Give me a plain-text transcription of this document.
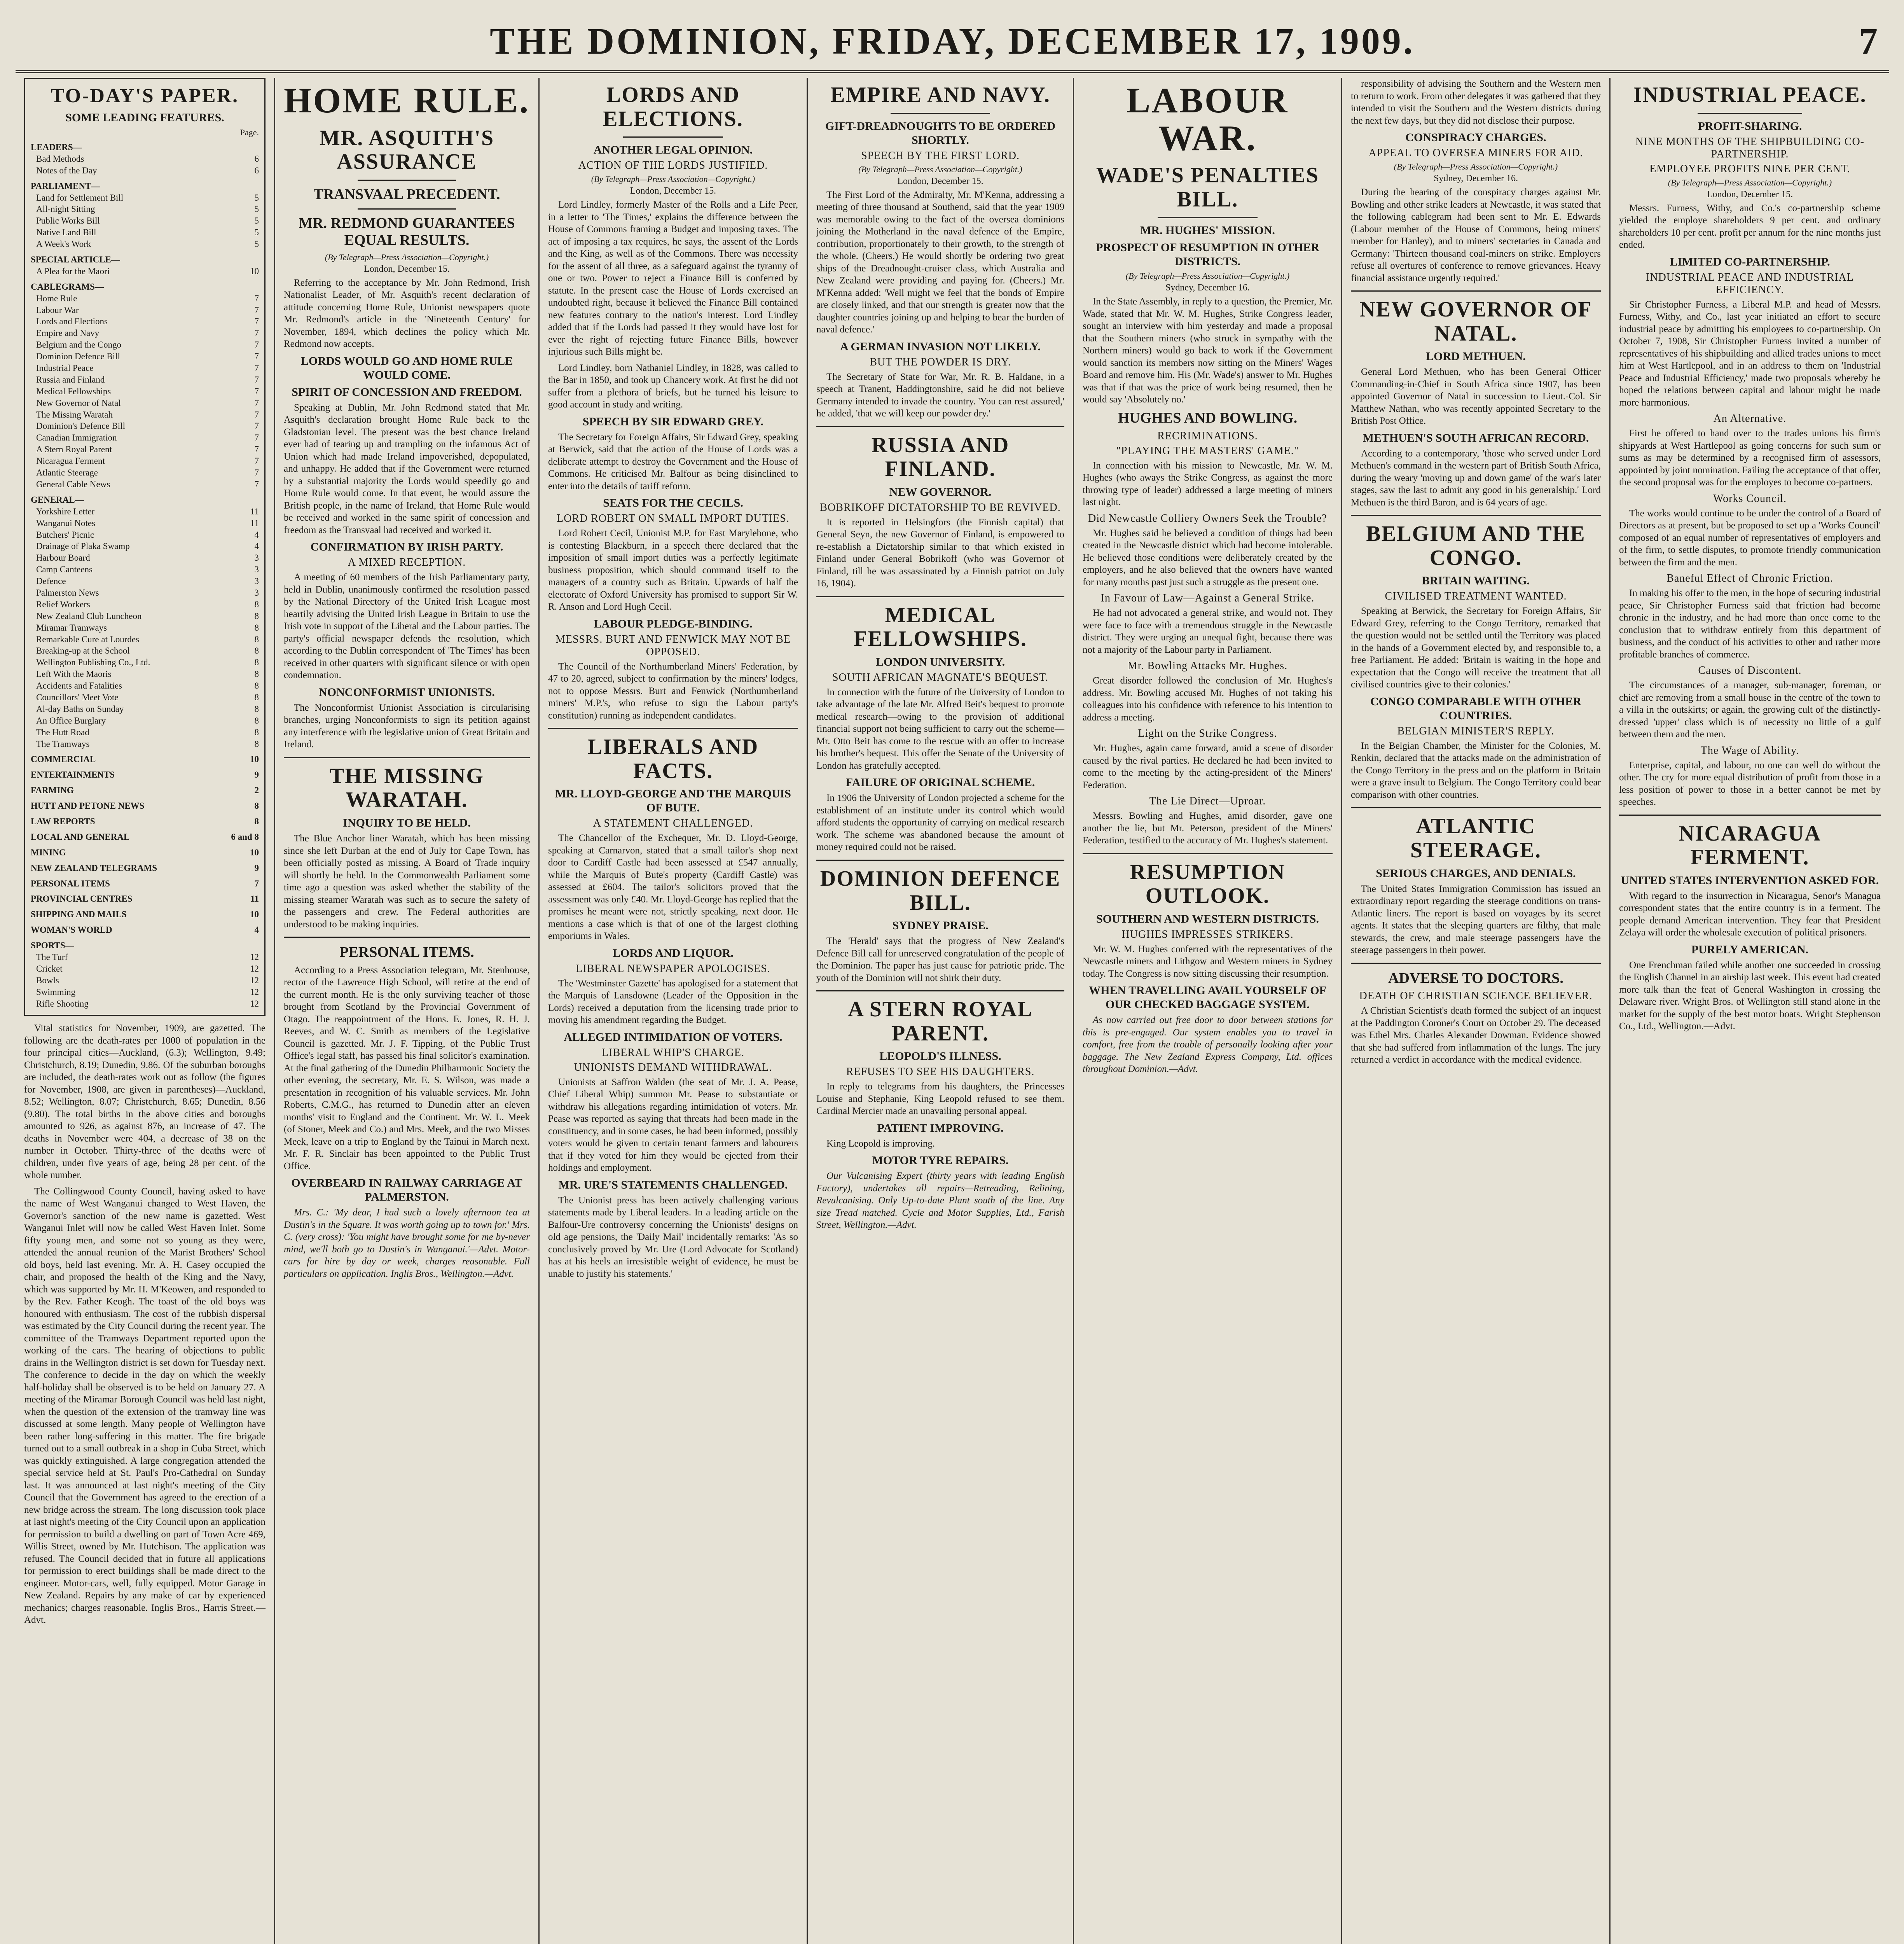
THE DOMINION, FRIDAY, DECEMBER 17, 1909.	7
TO-DAY'S PAPER.
SOME LEADING FEATURES.
Page.
LEADERS—
Bad Methods	6
Notes of the Day	6
PARLIAMENT—
Land for Settlement Bill	5
All-night Sitting	5
Public Works Bill	5
Native Land Bill	5
A Week's Work	5
SPECIAL ARTICLE—
A Plea for the Maori	10
CABLEGRAMS—
Home Rule	7
Labour War	7
Lords and Elections	7
Empire and Navy	7
Belgium and the Congo	7
Dominion Defence Bill	7
Industrial Peace	7
Russia and Finland	7
Medical Fellowships	7
New Governor of Natal	7
The Missing Waratah	7
Dominion's Defence Bill	7
Canadian Immigration	7
A Stern Royal Parent	7
Nicaragua Ferment	7
Atlantic Steerage	7
General Cable News	7
GENERAL—
Yorkshire Letter	11
Wanganui Notes	11
Butchers' Picnic	4
Drainage of Plaka Swamp	4
Harbour Board	3
Camp Canteens	3
Defence	3
Palmerston News	3
Relief Workers	8
New Zealand Club Luncheon	8
Miramar Tramways	8
Remarkable Cure at Lourdes	8
Breaking-up at the School	8
Wellington Publishing Co., Ltd.	8
Left With the Maoris	8
Accidents and Fatalities	8
Councillors' Meet Vote	8
Al-day Baths on Sunday	8
An Office Burglary	8
The Hutt Road	8
The Tramways	8
COMMERCIAL	10
ENTERTAINMENTS	9
FARMING	2
HUTT AND PETONE NEWS	8
LAW REPORTS	8
LOCAL AND GENERAL	6 and 8
MINING	10
NEW ZEALAND TELEGRAMS	9
PERSONAL ITEMS	7
PROVINCIAL CENTRES	11
SHIPPING AND MAILS	10
WOMAN'S WORLD	4
SPORTS—
The Turf	12
Cricket	12
Bowls	12
Swimming	12
Rifle Shooting	12

Vital statistics for November, 1909, are gazetted. The following are the death-rates per 1000 of population in the four principal cities—Auckland, (6.3); Wellington, 9.49; Christchurch, 8.19; Dunedin, 9.86. Of the suburban boroughs are included, the death-rates work out as follow (the figures for November, 1908, are given in parentheses)—Auckland, 8.52; Wellington, 8.07; Christchurch, 8.65; Dunedin, 8.56 (9.80). The total births in the above cities and boroughs amounted to 926, as against 876, an increase of 47. The deaths in November were 404, a decrease of 38 on the number in October. Thirty-three of the deaths were of children, under five years of age, being 28 per cent. of the whole number.

The Collingwood County Council, having asked to have the name of West Wanganui changed to West Haven, the Governor's sanction of the new name is gazetted. West Wanganui Inlet will now be called West Haven Inlet. Some fifty young men, and some not so young as they were, attended the annual reunion of the Marist Brothers' School old boys, held last evening. Mr. A. H. Casey occupied the chair, and proposed the health of the King and the Navy, which was supported by Mr. H. M'Keowen, and responded to by the Rev. Father Keogh. The toast of the old boys was honoured with enthusiasm. The cost of the rubbish dispersal was estimated by the City Council during the recent year. The committee of the Tramways Department reported upon the working of the cars. The hearing of objections to public drains in the Wellington district is set down for Tuesday next. The conference to decide in the day on which the weekly half-holiday shall be observed is to be held on January 27. A meeting of the Miramar Borough Council was held last night, when the question of the extension of the tramway line was discussed at some length. Many people of Wellington have been rather long-suffering in this matter. The fire brigade turned out to a small outbreak in a shop in Cuba Street, which was quickly extinguished. A large congregation attended the special service held at St. Paul's Pro-Cathedral on Sunday last. It was announced at last night's meeting of the City Council that the Government has agreed to the erection of a new bridge across the stream. The long discussion took place at last night's meeting of the City Council upon an application for permission to build a dwelling on part of Town Acre 469, Willis Street, owned by Mr. Hutchison. The application was refused. The Council decided that in future all applications for permission to erect buildings shall be made direct to the engineer. Motor-cars, well, fully equipped. Motor Garage in New Zealand. Repairs by any make of car by experienced mechanics; charges reasonable. Inglis Bros., Harris Street.—Advt.

HOME RULE.
MR. ASQUITH'S ASSURANCE
TRANSVAAL PRECEDENT.
MR. REDMOND GUARANTEES EQUAL RESULTS.
(By Telegraph—Press Association—Copyright.)
London, December 15.

Referring to the acceptance by Mr. John Redmond, Irish Nationalist Leader, of Mr. Asquith's recent declaration of attitude concerning Home Rule, Unionist newspapers quote Mr. Redmond's article in the 'Nineteenth Century' for November, 1894, which declines the policy which Mr. Redmond now accepts.

LORDS WOULD GO AND HOME RULE WOULD COME.
SPIRIT OF CONCESSION AND FREEDOM.

Speaking at Dublin, Mr. John Redmond stated that Mr. Asquith's declaration brought Home Rule back to the Gladstonian level. The present was the best chance Ireland ever had of tearing up and trampling on the infamous Act of Union which had made Ireland impoverished, depopulated, and unhappy. He added that if the Government were returned by a substantial majority the Lords would speedily go and Home Rule would come. In that event, he would assure the British people, in the name of Ireland, that Home Rule would be received and worked in the same spirit of concession and freedom as the Transvaal had received and worked it.

CONFIRMATION BY IRISH PARTY.
A MIXED RECEPTION.

A meeting of 60 members of the Irish Parliamentary party, held in Dublin, unanimously confirmed the resolution passed by the National Directory of the United Irish League most heartily advising the United Irish League in Britain to use the Irish vote in support of the Liberal and the Labour parties. The party's official newspaper defends the resolution, which according to the Dublin correspondent of 'The Times' has been received in other quarters with significant silence or with open condemnation.

NONCONFORMIST UNIONISTS.

The Nonconformist Unionist Association is circularising branches, urging Nonconformists to sign its petition against any interference with the legislative union of Great Britain and Ireland.

THE MISSING WARATAH.
INQUIRY TO BE HELD.

The Blue Anchor liner Waratah, which has been missing since she left Durban at the end of July for Cape Town, has been officially posted as missing. A Board of Trade inquiry will shortly be held. In the Commonwealth Parliament some time ago a question was asked whether the stability of the missing steamer Waratah was such as to secure the safety of the passengers and crew. The Federal authorities are understood to be making inquiries.

PERSONAL ITEMS.

According to a Press Association telegram, Mr. Stenhouse, rector of the Lawrence High School, will retire at the end of the current month. He is the only surviving teacher of those brought from Scotland by the Provincial Government of Otago. The reappointment of the Hons. E. Jones, R. H. J. Reeves, and W. C. Smith as members of the Legislative Council is gazetted. Mr. J. F. Tipping, of the Public Trust Office's legal staff, has passed his final solicitor's examination. At the final gathering of the Dunedin Philharmonic Society the other evening, the secretary, Mr. E. S. Wilson, was made a presentation in recognition of his valuable services. Mr. John Roberts, C.M.G., has returned to Dunedin after an eleven months' visit to England and the Continent. Mr. W. L. Meek (of Stoner, Meek and Co.) and Mrs. Meek, and the two Misses Meek, leave on a trip to England by the Tainui in March next. Mr. F. R. Sinclair has been appointed to the Public Trust Office.

OVERBEARD IN RAILWAY CARRIAGE AT PALMERSTON.

Mrs. C.: 'My dear, I had such a lovely afternoon tea at Dustin's in the Square. It was worth going up to town for.' Mrs. C. (very cross): 'You might have brought some for me by-never mind, we'll both go to Dustin's in Wanganui.'—Advt. Motor-cars for hire by day or week, charges reasonable. Full particulars on application. Inglis Bros., Wellington.—Advt.

LORDS AND ELECTIONS.
ANOTHER LEGAL OPINION.
ACTION OF THE LORDS JUSTIFIED.
(By Telegraph—Press Association—Copyright.)
London, December 15.

Lord Lindley, formerly Master of the Rolls and a Life Peer, in a letter to 'The Times,' explains the difference between the House of Commons framing a Budget and imposing taxes. The act of imposing a tax requires, he says, the assent of the Lords and the King, as well as of the Commons. There was necessity for the assent of all three, as a safeguard against the tyranny of one or two. Power to reject a Finance Bill is conferred by statute. In the present case the House of Lords exercised an undoubted right, because it believed the Finance Bill contained new features contrary to the nation's interest. Lord Lindley added that if the Lords had passed it they would have lost for ever the right of rejecting future Finance Bills, however injurious such Bills might be.

Lord Lindley, born Nathaniel Lindley, in 1828, was called to the Bar in 1850, and took up Chancery work. At first he did not suffer from a plethora of briefs, but he turned his leisure to good account in study and writing.

SPEECH BY SIR EDWARD GREY.

The Secretary for Foreign Affairs, Sir Edward Grey, speaking at Berwick, said that the action of the House of Lords was a deliberate attempt to destroy the Government and the House of Commons. He criticised Mr. Balfour as being disinclined to enter into the details of tariff reform.

SEATS FOR THE CECILS.
LORD ROBERT ON SMALL IMPORT DUTIES.

Lord Robert Cecil, Unionist M.P. for East Marylebone, who is contesting Blackburn, in a speech there declared that the imposition of small import duties was a perfectly legitimate business proposition, which should command itself to the managers of a country such as Britain. Upwards of half the electorate of Oxford University has promised to support Sir W. R. Anson and Lord Hugh Cecil.

LABOUR PLEDGE-BINDING.
MESSRS. BURT AND FENWICK MAY NOT BE OPPOSED.

The Council of the Northumberland Miners' Federation, by 47 to 20, agreed, subject to confirmation by the miners' lodges, not to oppose Messrs. Burt and Fenwick (Northumberland miners' M.P.'s, who refuse to sign the Labour party's constitution) running as independent candidates.

LIBERALS AND FACTS.
MR. LLOYD-GEORGE AND THE MARQUIS OF BUTE.
A STATEMENT CHALLENGED.

The Chancellor of the Exchequer, Mr. D. Lloyd-George, speaking at Carnarvon, stated that a small tailor's shop next door to Cardiff Castle had been assessed at £547 annually, while the Marquis of Bute's property (Cardiff Castle) was assessed at £604. The tailor's solicitors proved that the assessment was only £40. Mr. Lloyd-George has replied that the promises he meant were not, strictly speaking, next door. He mentions a case which is that of one of the largest clothing emporiums in Wales.

LORDS AND LIQUOR.
LIBERAL NEWSPAPER APOLOGISES.

The 'Westminster Gazette' has apologised for a statement that the Marquis of Lansdowne (Leader of the Opposition in the Lords) received a deputation from the licensing trade prior to moving his amendment regarding the Budget.

ALLEGED INTIMIDATION OF VOTERS.
LIBERAL WHIP'S CHARGE.
UNIONISTS DEMAND WITHDRAWAL.

Unionists at Saffron Walden (the seat of Mr. J. A. Pease, Chief Liberal Whip) summon Mr. Pease to substantiate or withdraw his allegations regarding intimidation of voters. Mr. Pease was reported as saying that threats had been made in the constituency, and in some cases, he had been informed, possibly voters would be given to certain tenant farmers and labourers that if they voted for him they would be ejected from their holdings and employment.

MR. URE'S STATEMENTS CHALLENGED.

The Unionist press has been actively challenging various statements made by Liberal leaders. In a leading article on the Balfour-Ure controversy concerning the Unionists' designs on old age pensions, the 'Daily Mail' incidentally remarks: 'As so conclusively proved by Mr. Ure (Lord Advocate for Scotland) has at his heels an irresistible weight of evidence, he must be unable to justify his statements.'

EMPIRE AND NAVY.
GIFT-DREADNOUGHTS TO BE ORDERED SHORTLY.
SPEECH BY THE FIRST LORD.
(By Telegraph—Press Association—Copyright.)
London, December 15.

The First Lord of the Admiralty, Mr. M'Kenna, addressing a meeting of three thousand at Southend, said that the year 1909 was memorable owing to the fact of the oversea dominions joining the Motherland in the naval defence of the Empire, contribution, proportionately to their growth, to the strength of the whole. (Cheers.) He would shortly be ordering two great ships of the Dreadnought-cruiser class, which Australia and New Zealand were providing and paying for. (Cheers.) Mr. M'Kenna added: 'Well might we feel that the bonds of Empire are closely linked, and that our strength is greater now that the daughter countries joining up and helping to bear the burden of naval defence.'

A GERMAN INVASION NOT LIKELY.
BUT THE POWDER IS DRY.

The Secretary of State for War, Mr. R. B. Haldane, in a speech at Tranent, Haddingtonshire, said he did not believe Germany intended to invade the country. 'You can rest assured,' he added, 'that we will keep our powder dry.'

RUSSIA AND FINLAND.
NEW GOVERNOR.
BOBRIKOFF DICTATORSHIP TO BE REVIVED.

It is reported in Helsingfors (the Finnish capital) that General Seyn, the new Governor of Finland, is empowered to re-establish a Dictatorship similar to that which existed in Finland under General Bobrikoff (who was Governor of Finland, till he was assassinated by a Finnish patriot on July 16, 1904).

MEDICAL FELLOWSHIPS.
LONDON UNIVERSITY.
SOUTH AFRICAN MAGNATE'S BEQUEST.

In connection with the future of the University of London to take advantage of the late Mr. Alfred Beit's bequest to promote medical research—owing to the provision of additional financial support not being sufficient to carry out the scheme—Mr. Otto Beit has come to the rescue with an offer to increase his brother's bequest. This offer the Senate of the University of London has gratefully accepted.

FAILURE OF ORIGINAL SCHEME.

In 1906 the University of London projected a scheme for the establishment of an institute under its control which would afford students the opportunity of carrying on medical research work. The scheme was abandoned because the amount of money required could not be raised.

DOMINION DEFENCE BILL.
SYDNEY PRAISE.

The 'Herald' says that the progress of New Zealand's Defence Bill call for unreserved congratulation of the people of the Dominion. The paper has just cause for patriotic pride. The youth of the Dominion will not shirk their duty.

A STERN ROYAL PARENT.
LEOPOLD'S ILLNESS.
REFUSES TO SEE HIS DAUGHTERS.

In reply to telegrams from his daughters, the Princesses Louise and Stephanie, King Leopold refused to see them. Cardinal Mercier made an unavailing personal appeal.

PATIENT IMPROVING.

King Leopold is improving.

MOTOR TYRE REPAIRS.

Our Vulcanising Expert (thirty years with leading English Factory), undertakes all repairs—Retreading, Relining, Revulcanising. Only Up-to-date Plant south of the line. Any size Tread matched. Cycle and Motor Supplies, Ltd., Farish Street, Wellington.—Advt.

LABOUR WAR.
WADE'S PENALTIES BILL.
MR. HUGHES' MISSION.
PROSPECT OF RESUMPTION IN OTHER DISTRICTS.
(By Telegraph—Press Association—Copyright.)
Sydney, December 16.

In the State Assembly, in reply to a question, the Premier, Mr. Wade, stated that Mr. W. M. Hughes, Strike Congress leader, sought an interview with him yesterday and made a proposal that the Southern miners (who struck in sympathy with the Northern miners) would go back to work if the Government would sanction its members now sitting on the Miners' Wages Board and remove him. His (Mr. Wade's) answer to Mr. Hughes was that if that was the price of work being resumed, then he would say 'Absolutely no.'

HUGHES AND BOWLING.
RECRIMINATIONS.
"PLAYING THE MASTERS' GAME."

In connection with his mission to Newcastle, Mr. W. M. Hughes (who aways the Strike Congress, as against the more throwing type of leader) addressed a large meeting of miners last night.

Did Newcastle Colliery Owners Seek the Trouble?

Mr. Hughes said he believed a condition of things had been created in the Newcastle district which had become intolerable. He believed those conditions were deliberately created by the employers, and he also believed that the owners have wanted for many months past just such a struggle as the present one.

In Favour of Law—Against a General Strike.

He had not advocated a general strike, and would not. They were face to face with a tremendous struggle in the Newcastle district. They were urging an unequal fight, because there was not a majority of the Labour party in Parliament.

Mr. Bowling Attacks Mr. Hughes.

Great disorder followed the conclusion of Mr. Hughes's address. Mr. Bowling accused Mr. Hughes of not taking his colleagues into his confidence with reference to his intention to address a meeting.

Light on the Strike Congress.

Mr. Hughes, again came forward, amid a scene of disorder caused by the rival parties. He declared he had been invited to come to the meeting by the acting-president of the Miners' Federation.

The Lie Direct—Uproar.

Messrs. Bowling and Hughes, amid disorder, gave one another the lie, but Mr. Peterson, president of the Miners' Federation, testified to the accuracy of Mr. Hughes's statement.

RESUMPTION OUTLOOK.
SOUTHERN AND WESTERN DISTRICTS.
HUGHES IMPRESSES STRIKERS.

Mr. W. M. Hughes conferred with the representatives of the Newcastle miners and Lithgow and Western miners in Sydney today. The Congress is now sitting discussing their resumption.

WHEN TRAVELLING AVAIL YOURSELF OF OUR CHECKED BAGGAGE SYSTEM.

As now carried out free door to door between stations for this is pre-engaged. Our system enables you to travel in comfort, free from the trouble of personally looking after your baggage. The New Zealand Express Company, Ltd. offices throughout Dominion.—Advt.

responsibility of advising the Southern and the Western men to return to work. From other delegates it was gathered that they intended to visit the Southern and the Western districts during the next few days, but they did not disclose their purpose.

CONSPIRACY CHARGES.
APPEAL TO OVERSEA MINERS FOR AID.
(By Telegraph—Press Association—Copyright.)
Sydney, December 16.

During the hearing of the conspiracy charges against Mr. Bowling and other strike leaders at Newcastle, it was stated that the following cablegram had been sent to Mr. E. Edwards (Labour member of the House of Commons, being miners' member for Hanley), and to miners' secretaries in Canada and Germany: 'Thirteen thousand coal-miners on strike. Employers refuse all overtures of conference to remove grievances. Heavy financial assistance urgently required.'

NEW GOVERNOR OF NATAL.
LORD METHUEN.

General Lord Methuen, who has been General Officer Commanding-in-Chief in South Africa since 1907, has been appointed Governor of Natal in succession to Lieut.-Col. Sir Matthew Nathan, who was recently appointed Secretary to the British Post Office.

METHUEN'S SOUTH AFRICAN RECORD.

According to a contemporary, 'those who served under Lord Methuen's command in the western part of British South Africa, during the weary 'moving up and down game' of the war's later stages, saw the last to admit any good in his generalship.' Lord Methuen is the third Baron, and is 64 years of age.

BELGIUM AND THE CONGO.
BRITAIN WAITING.
CIVILISED TREATMENT WANTED.

Speaking at Berwick, the Secretary for Foreign Affairs, Sir Edward Grey, referring to the Congo Territory, remarked that the question would not be settled until the Territory was placed in the hands of a Government elected by, and responsible to, a free Parliament. He added: 'Britain is waiting in the hope and expectation that the Congo will receive the treatment that all civilised countries give to their colonies.'

CONGO COMPARABLE WITH OTHER COUNTRIES.
BELGIAN MINISTER'S REPLY.

In the Belgian Chamber, the Minister for the Colonies, M. Renkin, declared that the attacks made on the administration of the Congo Territory in the press and on the platform in Britain were a grave insult to Belgium. The Congo Territory could bear comparison with other countries.

ATLANTIC STEERAGE.
SERIOUS CHARGES, AND DENIALS.

The United States Immigration Commission has issued an extraordinary report regarding the steerage conditions on trans-Atlantic liners. The report is based on voyages by its secret agents. It states that the sleeping quarters are filthy, that male stewards, the crew, and male steerage passengers have the steerage passengers in their power.

ADVERSE TO DOCTORS.
DEATH OF CHRISTIAN SCIENCE BELIEVER.

A Christian Scientist's death formed the subject of an inquest at the Paddington Coroner's Court on October 29. The deceased was Ethel Mrs. Charles Alexander Dowman. Evidence showed that she had suffered from inflammation of the lungs. The jury returned a verdict in accordance with the medical evidence.

INDUSTRIAL PEACE.
PROFIT-SHARING.
NINE MONTHS OF THE SHIPBUILDING CO-PARTNERSHIP.
EMPLOYEE PROFITS NINE PER CENT.
(By Telegraph—Press Association—Copyright.)
London, December 15.

Messrs. Furness, Withy, and Co.'s co-partnership scheme yielded the employe shareholders 9 per cent. and ordinary shareholders 10 per cent. profit per annum for the nine months just ended.

LIMITED CO-PARTNERSHIP.
INDUSTRIAL PEACE AND INDUSTRIAL EFFICIENCY.

Sir Christopher Furness, a Liberal M.P. and head of Messrs. Furness, Withy, and Co., last year initiated an effort to secure industrial peace by admitting his employees to co-partnership. On October 7, 1908, Sir Christopher Furness invited a number of representatives of his shipbuilding and allied trades unions to meet him at West Hartlepool, and in an address to them on 'Industrial Peace and Industrial Efficiency,' made two proposals whereby he hoped the relations between capital and labour might be made more harmonious.

An Alternative.

First he offered to hand over to the trades unions his firm's shipyards at West Hartlepool as going concerns for such sum or sums as may be determined by a recognised firm of assessors, appointed by joint nomination. Failing the acceptance of that offer, the second proposal was for the employes to become co-partners.

Works Council.

The works would continue to be under the control of a Board of Directors as at present, but be proposed to set up a 'Works Council' composed of an equal number of representatives of employers and of the firm, to settle disputes, to promote friendly communication between the firm and the men.

Baneful Effect of Chronic Friction.

In making his offer to the men, in the hope of securing industrial peace, Sir Christopher Furness said that friction had become chronic in the industry, and he had more than once come to the conclusion that to withdraw entirely from this department of business, and the conduct of his activities to other and rather more profitable branches of commerce.

Causes of Discontent.

The circumstances of a manager, sub-manager, foreman, or chief are removing from a small house in the centre of the town to a villa in the outskirts; or again, the growing cult of the distinctly-dressed 'upper' class which is of necessity no little of a gulf between them and the men.

The Wage of Ability.

Enterprise, capital, and labour, no one can well do without the other. The cry for more equal distribution of profit from those in a less position of power to those in a better cannot be met by speeches.

NICARAGUA FERMENT.
UNITED STATES INTERVENTION ASKED FOR.

With regard to the insurrection in Nicaragua, Senor's Managua correspondent states that the entire country is in a ferment. The people demand American intervention. They fear that President Zelaya will order the wholesale execution of political prisoners.

PURELY AMERICAN.

One Frenchman failed while another one succeeded in crossing the English Channel in an airship last week. This event had created more talk than the feat of General Washington in crossing the Delaware river. Wright Bros. of Wellington still stand alone in the market for the supply of the best motor boats. Wright Stephenson Co., Ltd., Wellington.—Advt.
